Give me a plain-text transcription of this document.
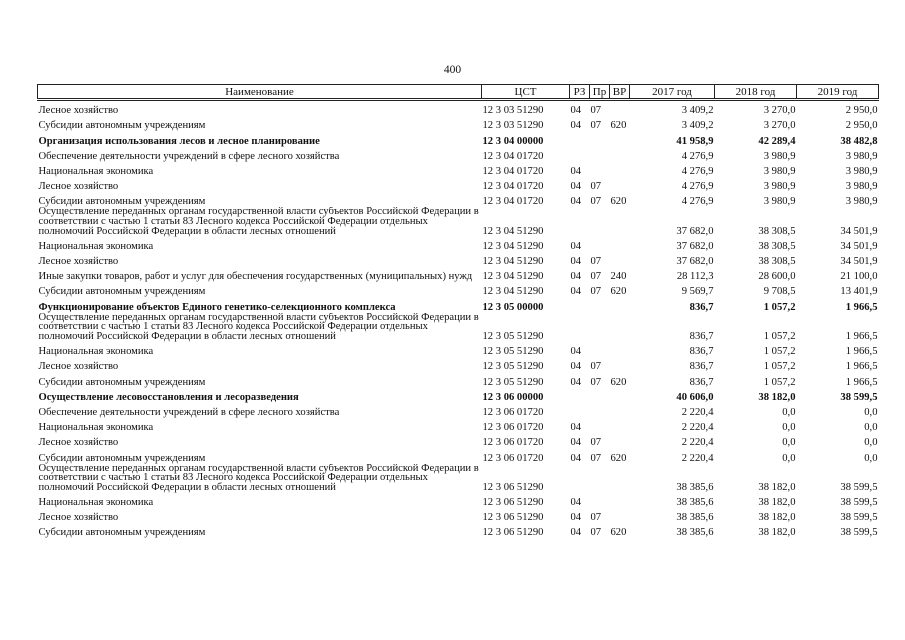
400
Наименование	ЦСТ	РЗ	Пр	ВР	2017 год	2018 год	2019 год
Лесное хозяйство	12 3 03 51290	04	07		3 409,2	3 270,0	2 950,0
Субсидии автономным учреждениям	12 3 03 51290	04	07	620	3 409,2	3 270,0	2 950,0
Организация использования лесов и лесное планирование	12 3 04 00000				41 958,9	42 289,4	38 482,8
Обеспечение деятельности учреждений в сфере лесного хозяйства	12 3 04 01720				4 276,9	3 980,9	3 980,9
Национальная экономика	12 3 04 01720	04			4 276,9	3 980,9	3 980,9
Лесное хозяйство	12 3 04 01720	04	07		4 276,9	3 980,9	3 980,9
Субсидии автономным учреждениям	12 3 04 01720	04	07	620	4 276,9	3 980,9	3 980,9
Осуществление переданных органам государственной власти субъектов Российской Федерации в соответствии с частью 1 статьи 83 Лесного кодекса Российской Федерации отдельных полномочий Российской Федерации в области лесных отношений	12 3 04 51290				37 682,0	38 308,5	34 501,9
Национальная экономика	12 3 04 51290	04			37 682,0	38 308,5	34 501,9
Лесное хозяйство	12 3 04 51290	04	07		37 682,0	38 308,5	34 501,9
Иные закупки товаров, работ и услуг для обеспечения государственных (муниципальных) нужд	12 3 04 51290	04	07	240	28 112,3	28 600,0	21 100,0
Субсидии автономным учреждениям	12 3 04 51290	04	07	620	9 569,7	9 708,5	13 401,9
Функционирование объектов Единого генетико-селекционного комплекса	12 3 05 00000				836,7	1 057,2	1 966,5
Осуществление переданных органам государственной власти субъектов Российской Федерации в соответствии с частью 1 статьи 83 Лесного кодекса Российской Федерации отдельных полномочий Российской Федерации в области лесных отношений	12 3 05 51290				836,7	1 057,2	1 966,5
Национальная экономика	12 3 05 51290	04			836,7	1 057,2	1 966,5
Лесное хозяйство	12 3 05 51290	04	07		836,7	1 057,2	1 966,5
Субсидии автономным учреждениям	12 3 05 51290	04	07	620	836,7	1 057,2	1 966,5
Осуществление лесовосстановления и лесоразведения	12 3 06 00000				40 606,0	38 182,0	38 599,5
Обеспечение деятельности учреждений в сфере лесного хозяйства	12 3 06 01720				2 220,4	0,0	0,0
Национальная экономика	12 3 06 01720	04			2 220,4	0,0	0,0
Лесное хозяйство	12 3 06 01720	04	07		2 220,4	0,0	0,0
Субсидии автономным учреждениям	12 3 06 01720	04	07	620	2 220,4	0,0	0,0
Осуществление переданных органам государственной власти субъектов Российской Федерации в соответствии с частью 1 статьи 83 Лесного кодекса Российской Федерации отдельных полномочий Российской Федерации в области лесных отношений	12 3 06 51290				38 385,6	38 182,0	38 599,5
Национальная экономика	12 3 06 51290	04			38 385,6	38 182,0	38 599,5
Лесное хозяйство	12 3 06 51290	04	07		38 385,6	38 182,0	38 599,5
Субсидии автономным учреждениям	12 3 06 51290	04	07	620	38 385,6	38 182,0	38 599,5
